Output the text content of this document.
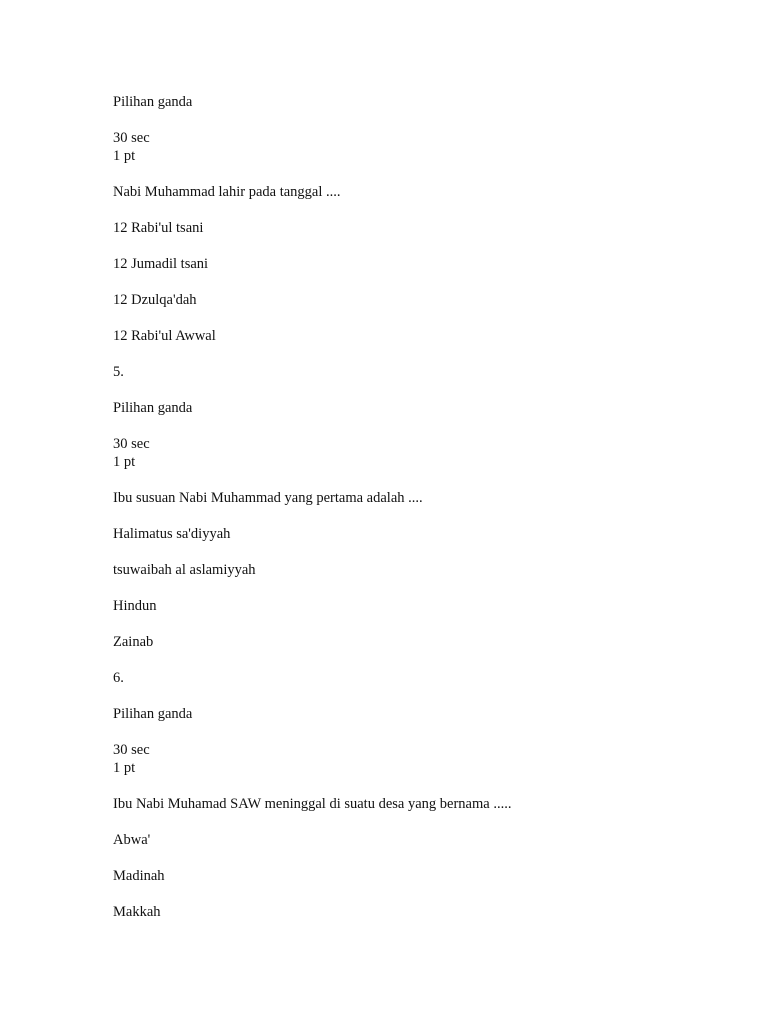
Pilihan ganda
30 sec
1 pt
Nabi Muhammad lahir pada tanggal ....
12 Rabi'ul tsani
12 Jumadil tsani
12 Dzulqa'dah
12 Rabi'ul Awwal
5.
Pilihan ganda
30 sec
1 pt
Ibu susuan Nabi Muhammad yang pertama adalah ....
Halimatus sa'diyyah
tsuwaibah al aslamiyyah
Hindun
Zainab
6.
Pilihan ganda
30 sec
1 pt
Ibu Nabi Muhamad SAW meninggal di suatu desa yang bernama .....
Abwa'
Madinah
Makkah
